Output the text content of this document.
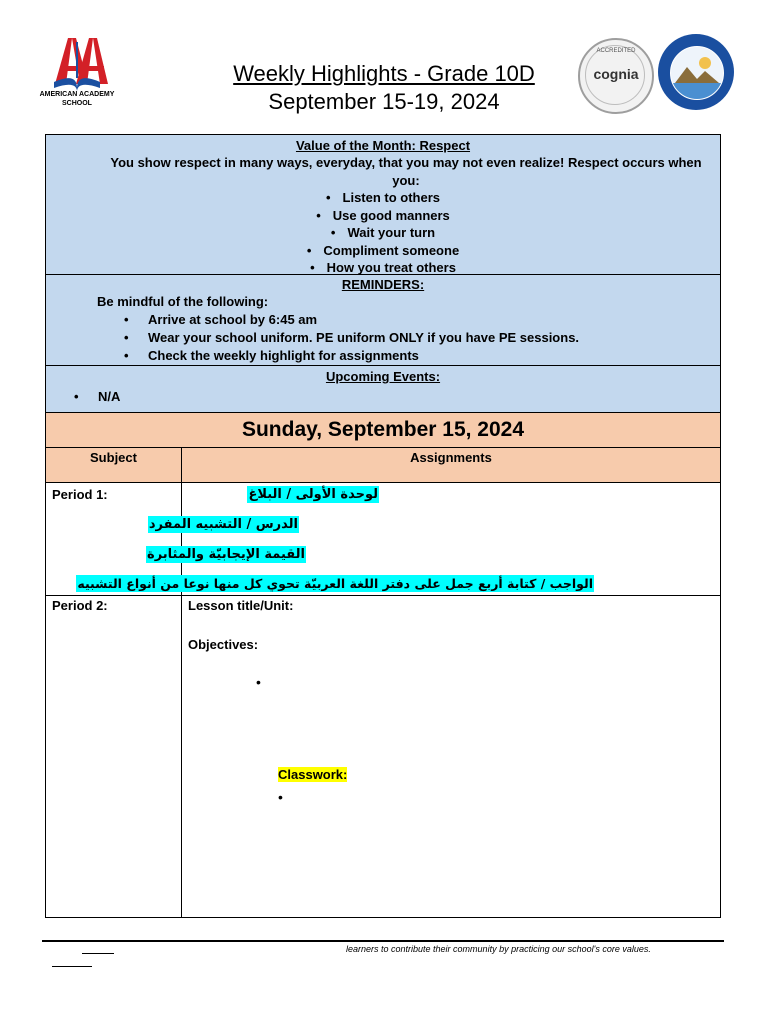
AMERICAN ACADEMY SCHOOL
Weekly Highlights - Grade 10D
September 15-19, 2024
ACCREDITED
cognia
Value of the Month: Respect
You show respect in many ways, everyday, that you may not even realize! Respect occurs when you:
• Listen to others
• Use good manners
• Wait your turn
• Compliment someone
• How you treat others
REMINDERS:
Be mindful of the following:
• Arrive at school by 6:45 am
• Wear your school uniform. PE uniform ONLY if you have PE sessions.
• Check the weekly highlight for assignments
Upcoming Events:
• N/A
Sunday, September 15, 2024
Subject	Assignments
Period 1:	لوحدة الأولى / البلاغ
الدرس / التشبيه المفرد
القيمة الإيجابيّة والمثابرة
الواجب / كتابة أربع جمل على دفتر اللغة العربيّة تحوي كل منها نوعا من أنواع التشبيه
Period 2:	Lesson title/Unit:
Objectives:
•
Classwork:
•
learners to contribute their community by practicing our school's core values.
